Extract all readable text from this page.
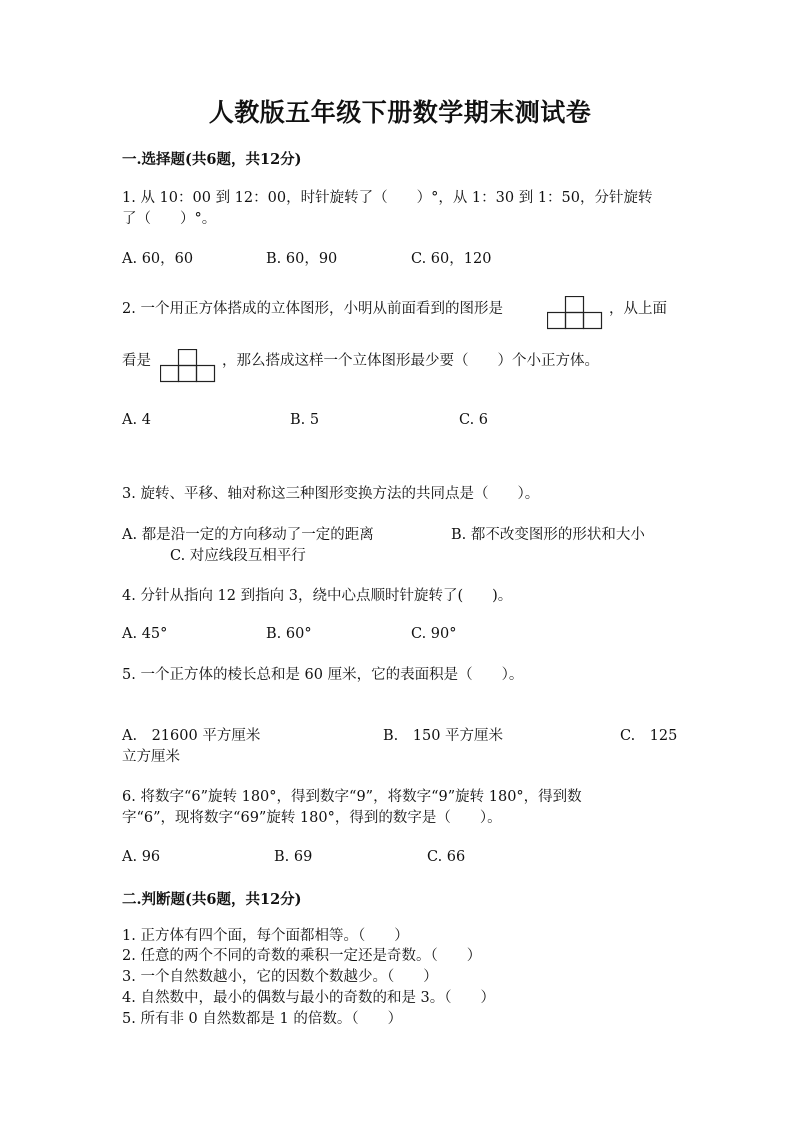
人教版五年级下册数学期末测试卷
一.选择题(共6题，共12分)
1. 从 10：00 到 12：00，时针旋转了（　　）°，从 1：30 到 1：50，分针旋转
了（　　）°。
A. 60，60	B. 60，90	C. 60，120
2. 一个用正方体搭成的立体图形，小明从前面看到的图形是	，从上面
看是	，那么搭成这样一个立体图形最少要（　　）个小正方体。
A. 4	B. 5	C. 6
3. 旋转、平移、轴对称这三种图形变换方法的共同点是（　　）。
A. 都是沿一定的方向移动了一定的距离	B. 都不改变图形的形状和大小
C. 对应线段互相平行
4. 分针从指向 12 到指向 3，绕中心点顺时针旋转了(　　)。
A. 45°	B. 60°	C. 90°
5. 一个正方体的棱长总和是 60 厘米，它的表面积是（　　）。
A.　21600 平方厘米	B.　150 平方厘米	C.　125
立方厘米
6. 将数字“6”旋转 180°，得到数字“9”，将数字“9”旋转 180°，得到数
字“6”，现将数字“69”旋转 180°，得到的数字是（　　）。
A. 96	B. 69	C. 66
二.判断题(共6题，共12分)
1. 正方体有四个面，每个面都相等。（　　）
2. 任意的两个不同的奇数的乘积一定还是奇数。（　　）
3. 一个自然数越小，它的因数个数越少。（　　）
4. 自然数中，最小的偶数与最小的奇数的和是 3。（　　）
5. 所有非 0 自然数都是 1 的倍数。（　　）
